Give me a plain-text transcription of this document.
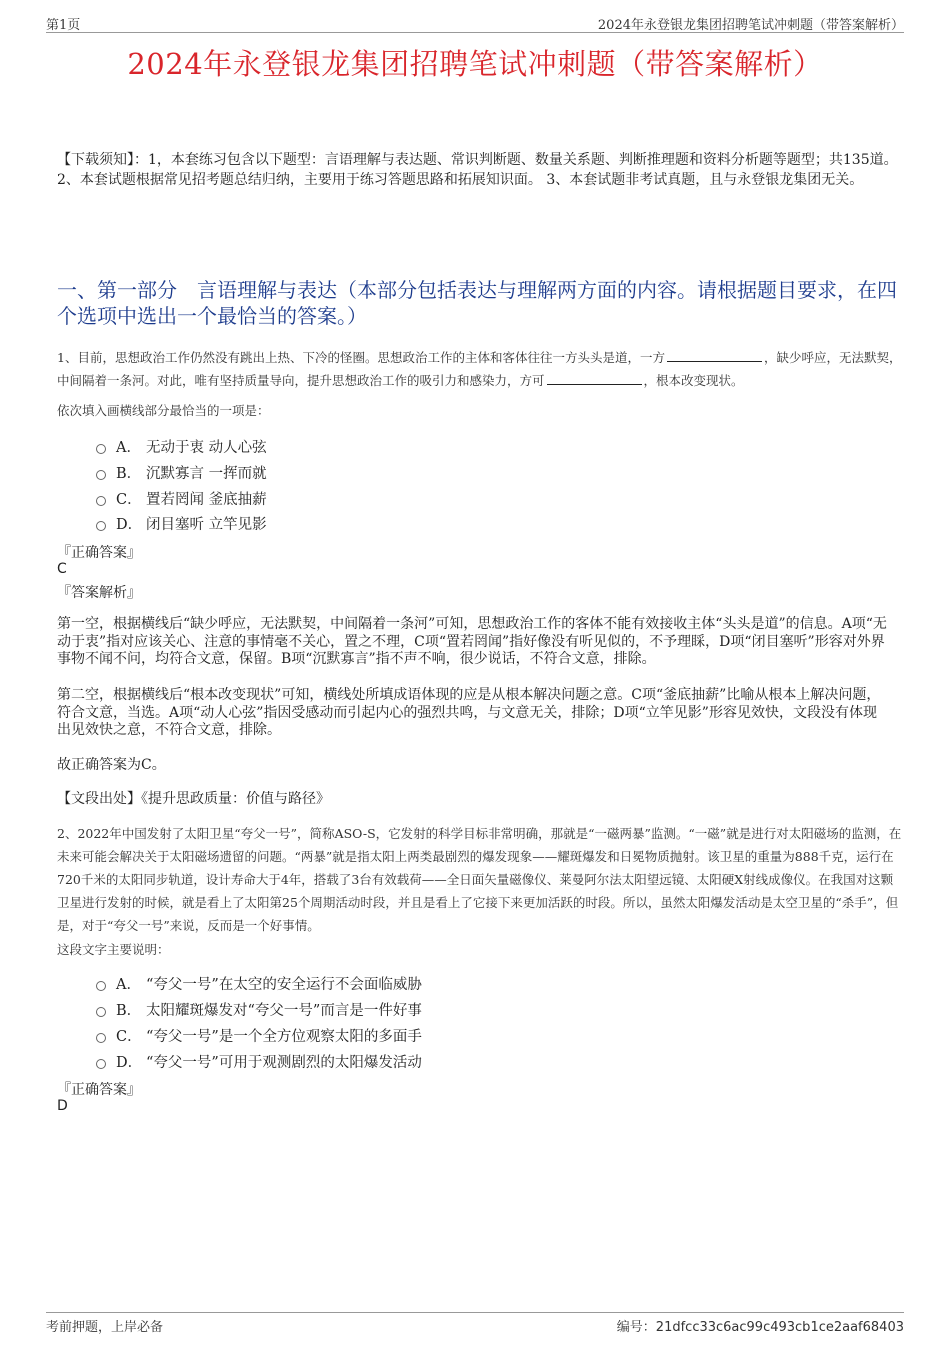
第1页	2024年永登银龙集团招聘笔试冲刺题（带答案解析）
2024年永登银龙集团招聘笔试冲刺题（带答案解析）
【下载须知】：1，本套练习包含以下题型：言语理解与表达题、常识判断题、数量关系题、判断推理题和资料分析题等题型；共135道。 2、本套试题根据常见招考题总结归纳，主要用于练习答题思路和拓展知识面。 3、本套试题非考试真题，且与永登银龙集团无关。
一、第一部分　言语理解与表达（本部分包括表达与理解两方面的内容。请根据题目要求，在四个选项中选出一个最恰当的答案。）
1、目前，思想政治工作仍然没有跳出上热、下冷的怪圈。思想政治工作的主体和客体往往一方头头是道，一方	，缺少呼应，无法默契，中间隔着一条河。对此，唯有坚持质量导向，提升思想政治工作的吸引力和感染力，方可	，根本改变现状。
依次填入画横线部分最恰当的一项是：
A． 无动于衷 动人心弦
B． 沉默寡言 一挥而就
C． 置若罔闻 釜底抽薪
D． 闭目塞听 立竿见影
『正确答案』
C
『答案解析』
第一空，根据横线后“缺少呼应，无法默契，中间隔着一条河”可知，思想政治工作的客体不能有效接收主体“头头是道”的信息。A项“无动于衷”指对应该关心、注意的事情毫不关心，置之不理，C项“置若罔闻”指好像没有听见似的，不予理睬，D项“闭目塞听”形容对外界事物不闻不问，均符合文意，保留。B项“沉默寡言”指不声不响，很少说话，不符合文意，排除。
第二空，根据横线后“根本改变现状”可知，横线处所填成语体现的应是从根本解决问题之意。C项“釜底抽薪”比喻从根本上解决问题，符合文意，当选。A项“动人心弦”指因受感动而引起内心的强烈共鸣，与文意无关，排除；D项“立竿见影”形容见效快，文段没有体现出见效快之意，不符合文意，排除。
故正确答案为C。
【文段出处】《提升思政质量：价值与路径》
2、2022年中国发射了太阳卫星“夸父一号”，简称ASO-S，它发射的科学目标非常明确，那就是“一磁两暴”监测。“一磁”就是进行对太阳磁场的监测，在未来可能会解决关于太阳磁场遗留的问题。“两暴”就是指太阳上两类最剧烈的爆发现象——耀斑爆发和日冕物质抛射。该卫星的重量为888千克，运行在720千米的太阳同步轨道，设计寿命大于4年，搭载了3台有效载荷——全日面矢量磁像仪、莱曼阿尔法太阳望远镜、太阳硬X射线成像仪。在我国对这颗卫星进行发射的时候，就是看上了太阳第25个周期活动时段，并且是看上了它接下来更加活跃的时段。所以，虽然太阳爆发活动是太空卫星的“杀手”，但是，对于“夸父一号”来说，反而是一个好事情。
这段文字主要说明：
A． “夸父一号”在太空的安全运行不会面临威胁
B． 太阳耀斑爆发对“夸父一号”而言是一件好事
C． “夸父一号”是一个全方位观察太阳的多面手
D． “夸父一号”可用于观测剧烈的太阳爆发活动
『正确答案』
D
考前押题，上岸必备	编号：21dfcc33c6ac99c493cb1ce2aaf68403
